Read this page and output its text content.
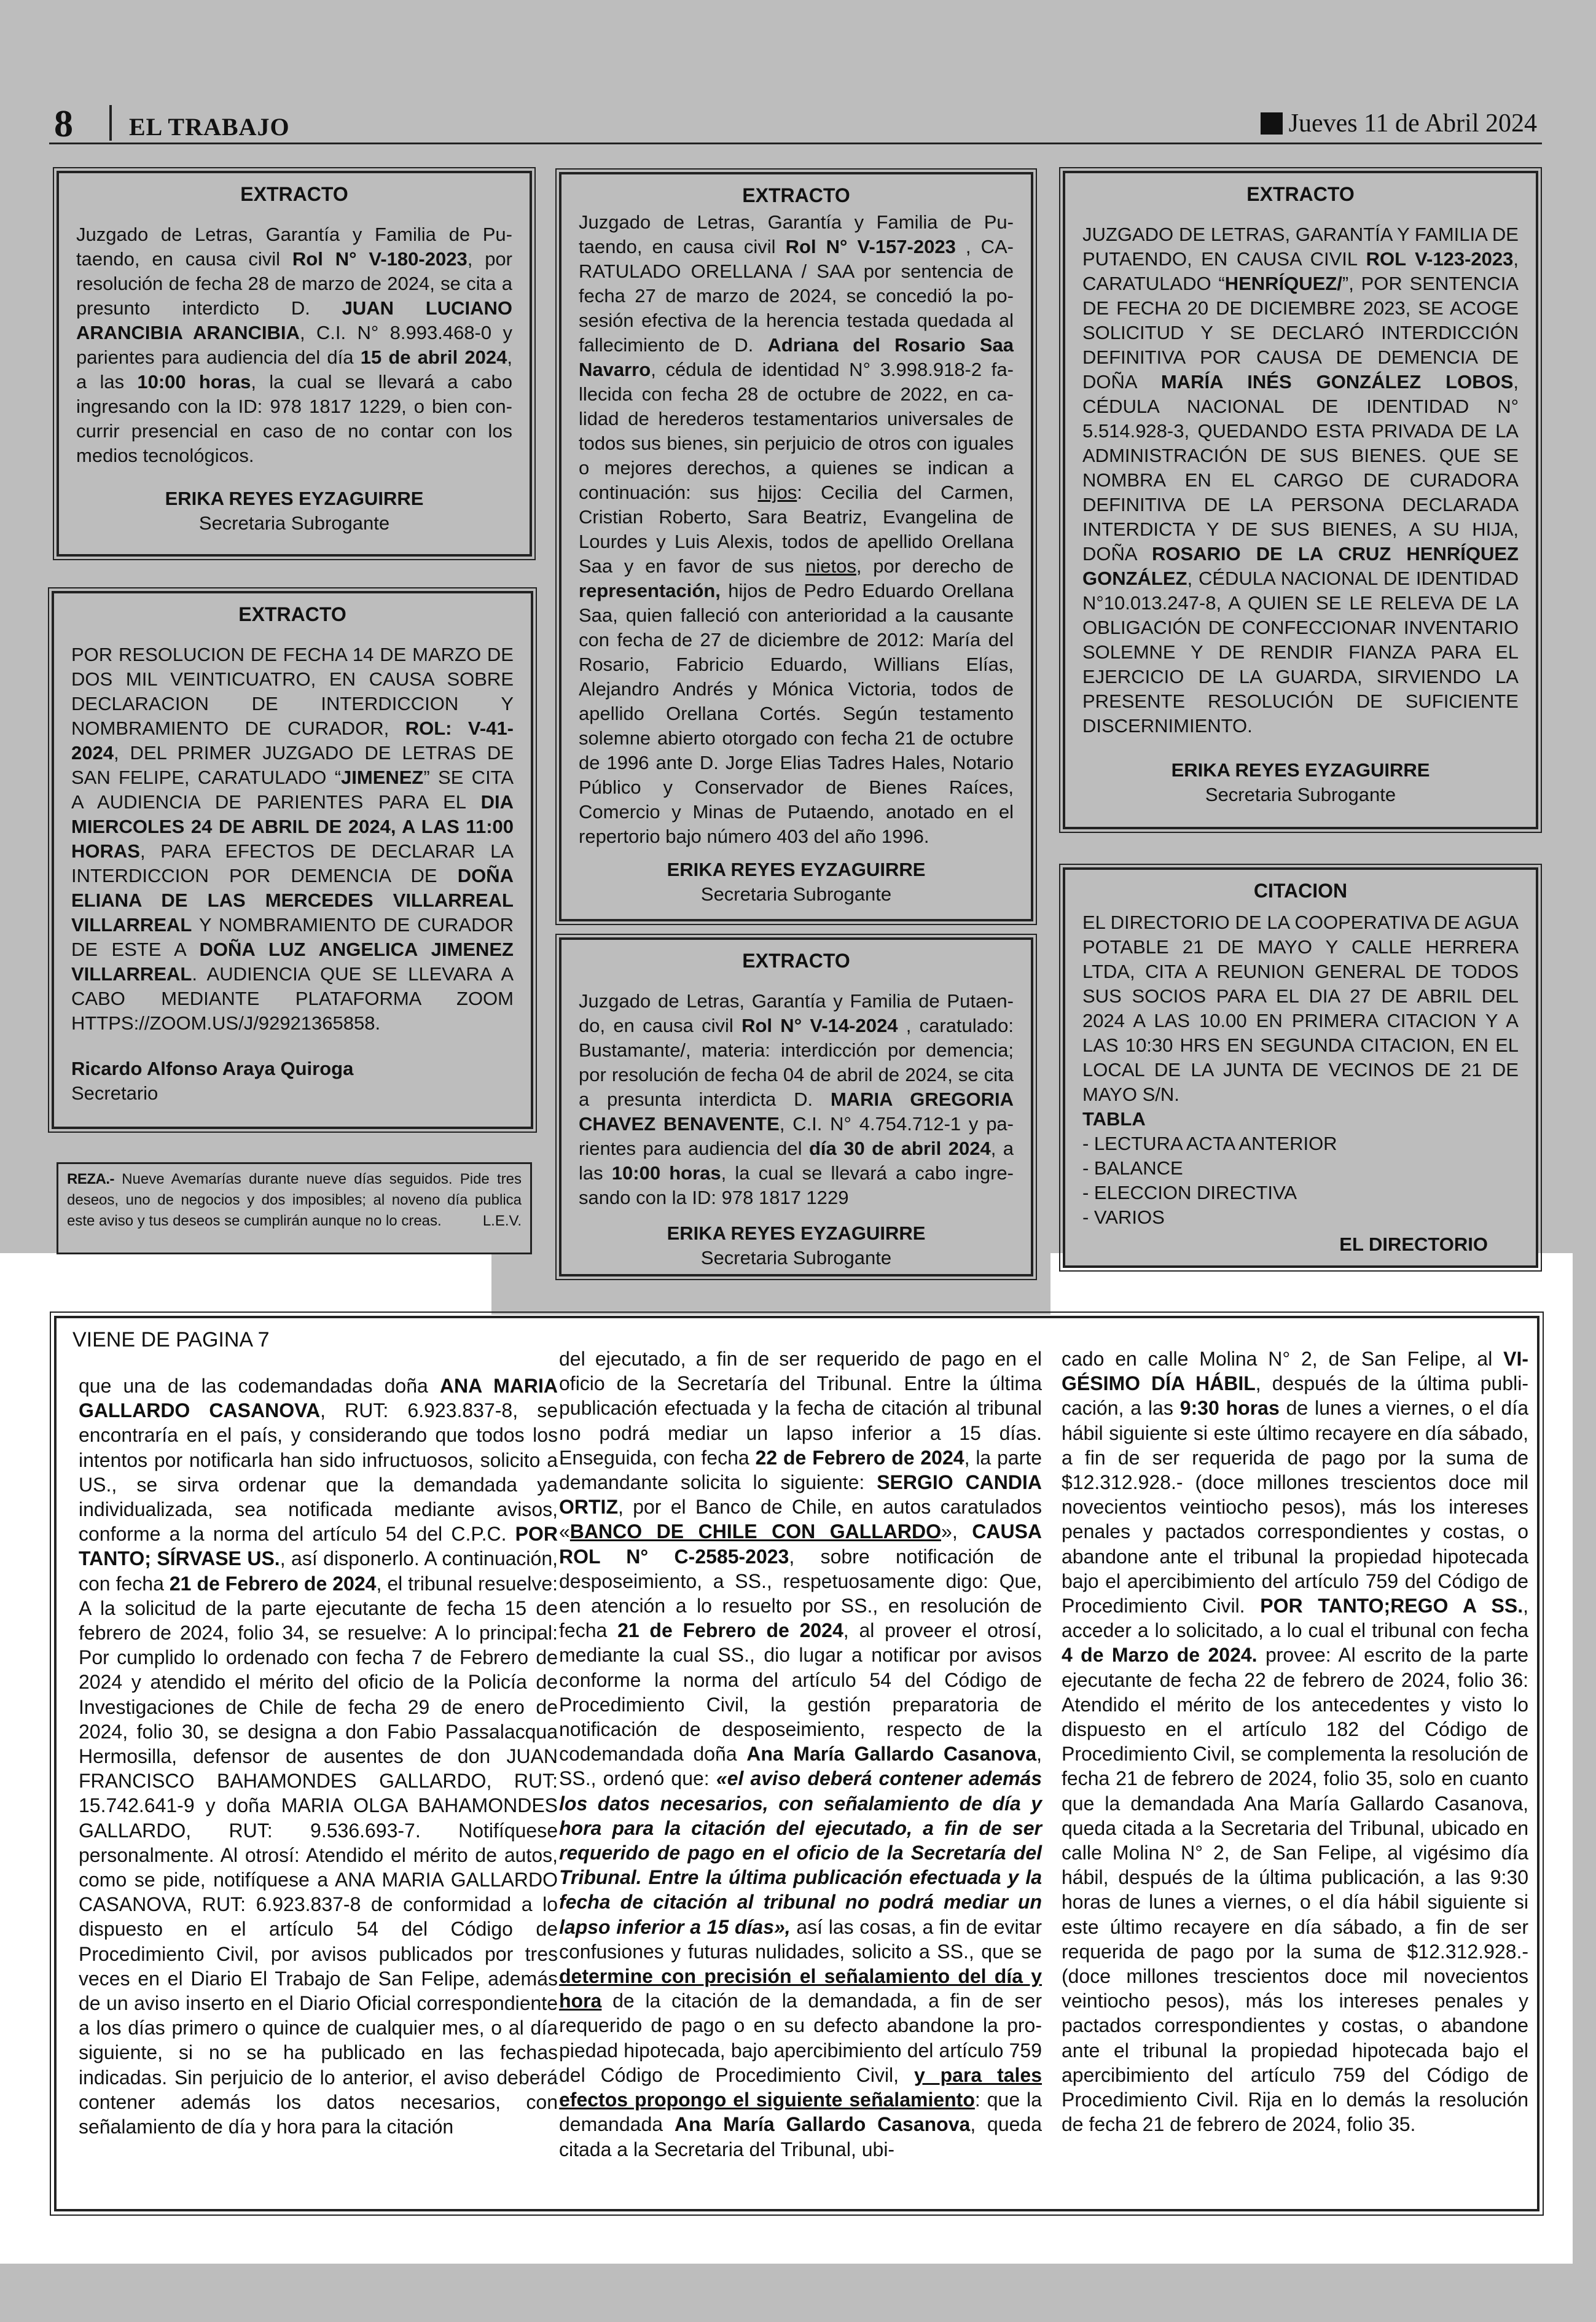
8 EL TRABAJO	Jueves 11 de Abril 2024
EXTRACTO

Juzgado de Letras, Garantía y Familia de Putaendo, en causa civil Rol N° V-180-2023, por resolución de fecha 28 de marzo de 2024, se cita a presunto interdicto D. JUAN LUCIANO ARANCIBIA ARANCIBIA, C.I. N° 8.993.468-0 y parientes para audiencia del día 15 de abril 2024, a las 10:00 horas, la cual se llevará a cabo ingresando con la ID: 978 1817 1229, o bien concurrir presencial en caso de no contar con los medios tecnológicos.

ERIKA REYES EYZAGUIRRE
Secretaria Subrogante
EXTRACTO

POR RESOLUCION DE FECHA 14 DE MARZO DE DOS MIL VEINTICUATRO, EN CAUSA SOBRE DECLARACION DE INTERDICCION Y NOMBRAMIENTO DE CURADOR, ROL: V-41-2024, DEL PRIMER JUZGADO DE LETRAS DE SAN FELIPE, CARATULADO “JIMENEZ” SE CITA A AUDIENCIA DE PARIENTES PARA EL DIA MIERCOLES 24 DE ABRIL DE 2024, A LAS 11:00 HORAS, PARA EFECTOS DE DECLARAR LA INTERDICCION POR DEMENCIA DE DOÑA ELIANA DE LAS MERCEDES VILLARREAL VILLARREAL Y NOMBRAMIENTO DE CURADOR DE ESTE A DOÑA LUZ ANGELICA JIMENEZ VILLARREAL. AUDIENCIA QUE SE LLEVARA A CABO MEDIANTE PLATAFORMA ZOOM HTTPS://ZOOM.US/J/92921365858.

Ricardo Alfonso Araya Quiroga
Secretario
REZA.- Nueve Avemarías durante nueve días seguidos. Pide tres deseos, uno de negocios y dos imposibles; al noveno día publica este aviso y tus deseos se cumplirán aunque no lo creas.	L.E.V.
EXTRACTO

Juzgado de Letras, Garantía y Familia de Putaendo, en causa civil Rol N° V-157-2023 , CARATULADO ORELLANA / SAA por sentencia de fecha 27 de marzo de 2024, se concedió la posesión efectiva de la herencia testada quedada al fallecimiento de D. Adriana del Rosario Saa Navarro, cédula de identidad N° 3.998.918-2 fallecida con fecha 28 de octubre de 2022, en calidad de herederos testamentarios universales de todos sus bienes, sin perjuicio de otros con iguales o mejores derechos, a quienes se indican a continuación: sus hijos: Cecilia del Carmen, Cristian Roberto, Sara Beatriz, Evangelina de Lourdes y Luis Alexis, todos de apellido Orellana Saa y en favor de sus nietos, por derecho de representación, hijos de Pedro Eduardo Orellana Saa, quien falleció con anterioridad a la causante con fecha de 27 de diciembre de 2012: María del Rosario, Fabricio Eduardo, Willians Elías, Alejandro Andrés y Mónica Victoria, todos de apellido Orellana Cortés. Según testamento solemne abierto otorgado con fecha 21 de octubre de 1996 ante D. Jorge Elias Tadres Hales, Notario Público y Conservador de Bienes Raíces, Comercio y Minas de Putaendo, anotado en el repertorio bajo número 403 del año 1996.

ERIKA REYES EYZAGUIRRE
Secretaria Subrogante
EXTRACTO

Juzgado de Letras, Garantía y Familia de Putaendo, en causa civil Rol N° V-14-2024 , caratulado: Bustamante/, materia: interdicción por demencia; por resolución de fecha 04 de abril de 2024, se cita a presunta interdicta D. MARIA GREGORIA CHAVEZ BENAVENTE, C.I. N° 4.754.712-1 y parientes para audiencia del día 30 de abril 2024, a las 10:00 horas, la cual se llevará a cabo ingresando con la ID: 978 1817 1229

ERIKA REYES EYZAGUIRRE
Secretaria Subrogante
EXTRACTO

JUZGADO DE LETRAS, GARANTÍA Y FAMILIA DE PUTAENDO, EN CAUSA CIVIL ROL V-123-2023, CARATULADO “HENRÍQUEZ/”, POR SENTENCIA DE FECHA 20 DE DICIEMBRE 2023, SE ACOGE SOLICITUD Y SE DECLARÓ INTERDICCIÓN DEFINITIVA POR CAUSA DE DEMENCIA DE DOÑA MARÍA INÉS GONZÁLEZ LOBOS, CÉDULA NACIONAL DE IDENTIDAD N° 5.514.928-3, QUEDANDO ESTA PRIVADA DE LA ADMINISTRACIÓN DE SUS BIENES. QUE SE NOMBRA EN EL CARGO DE CURADORA DEFINITIVA DE LA PERSONA DECLARADA INTERDICTA Y DE SUS BIENES, A SU HIJA, DOÑA ROSARIO DE LA CRUZ HENRÍQUEZ GONZÁLEZ, CÉDULA NACIONAL DE IDENTIDAD N°10.013.247-8, A QUIEN SE LE RELEVA DE LA OBLIGACIÓN DE CONFECCIONAR INVENTARIO SOLEMNE Y DE RENDIR FIANZA PARA EL EJERCICIO DE LA GUARDA, SIRVIENDO LA PRESENTE RESOLUCIÓN DE SUFICIENTE DISCERNIMIENTO.

ERIKA REYES EYZAGUIRRE
Secretaria Subrogante
CITACION

EL DIRECTORIO DE LA COOPERATIVA DE AGUA POTABLE 21 DE MAYO Y CALLE HERRERA LTDA, CITA A REUNION GENERAL DE TODOS SUS SOCIOS PARA EL DIA 27 DE ABRIL DEL 2024 A LAS 10.00 EN PRIMERA CITACION Y A LAS 10:30 HRS EN SEGUNDA CITACION, EN EL LOCAL DE LA JUNTA DE VECINOS DE 21 DE MAYO S/N.

TABLA
- LECTURA ACTA ANTERIOR
- BALANCE
- ELECCION DIRECTIVA
- VARIOS
EL DIRECTORIO
VIENE DE PAGINA 7
que una de las codemandadas doña ANA MARIA GALLARDO CASANOVA, RUT: 6.923.837-8, se encontraría en el país, y considerando que todos los intentos por notificarla han sido infructuosos, solicito a US., se sirva ordenar que la demandada ya individualizada, sea notificada mediante avisos, conforme a la norma del artículo 54 del C.P.C. POR TANTO; SÍRVASE US., así disponerlo. A continuación, con fecha 21 de Febrero de 2024, el tribunal resuelve: A la solicitud de la parte ejecutante de fecha 15 de febrero de 2024, folio 34, se resuelve: A lo principal: Por cumplido lo ordenado con fecha 7 de Febrero de 2024 y atendido el mérito del oficio de la Policía de Investigaciones de Chile de fecha 29 de enero de 2024, folio 30, se designa a don Fabio Passalacqua Hermosilla, defensor de ausentes de don JUAN FRANCISCO BAHAMONDES GALLARDO, RUT: 15.742.641-9 y doña MARIA OLGA BAHAMONDES GALLARDO, RUT: 9.536.693-7. Notifíquese personalmente. Al otrosí: Atendido el mérito de autos, como se pide, notifíquese a ANA MARIA GALLARDO CASANOVA, RUT: 6.923.837-8 de conformidad a lo dispuesto en el artículo 54 del Código de Procedimiento Civil, por avisos publicados por tres veces en el Diario El Trabajo de San Felipe, además de un aviso inserto en el Diario Oficial correspondiente a los días primero o quince de cualquier mes, o al día siguiente, si no se ha publicado en las fechas indicadas. Sin perjuicio de lo anterior, el aviso deberá contener además los datos necesarios, con señalamiento de día y hora para la citación
del ejecutado, a fin de ser requerido de pago en el oficio de la Secretaría del Tribunal. Entre la última publicación efectuada y la fecha de citación al tribunal no podrá mediar un lapso inferior a 15 días. Enseguida, con fecha 22 de Febrero de 2024, la parte demandante solicita lo siguiente: SERGIO CANDIA ORTIZ, por el Banco de Chile, en autos caratulados «BANCO DE CHILE CON GALLARDO», CAUSA ROL N° C-2585-2023, sobre notificación de desposeimiento, a SS., respetuosamente digo: Que, en atención a lo resuelto por SS., en resolución de fecha 21 de Febrero de 2024, al proveer el otrosí, mediante la cual SS., dio lugar a notificar por avisos conforme la norma del artículo 54 del Código de Procedimiento Civil, la gestión preparatoria de notificación de desposeimiento, respecto de la codemandada doña Ana María Gallardo Casanova, SS., ordenó que: «el aviso deberá contener además los datos necesarios, con señalamiento de día y hora para la citación del ejecutado, a fin de ser requerido de pago en el oficio de la Secretaría del Tribunal. Entre la última publicación efectuada y la fecha de citación al tribunal no podrá mediar un lapso inferior a 15 días», así las cosas, a fin de evitar confusiones y futuras nulidades, solicito a SS., que se determine con precisión el señalamiento del día y hora de la citación de la demandada, a fin de ser requerido de pago o en su defecto abandone la propiedad hipotecada, bajo apercibimiento del artículo 759 del Código de Procedimiento Civil, y para tales efectos propongo el siguiente señalamiento: que la demandada Ana María Gallardo Casanova, queda citada a la Secretaria del Tribunal, ubi-
cado en calle Molina N° 2, de San Felipe, al VIGÉSIMO DÍA HÁBIL, después de la última publicación, a las 9:30 horas de lunes a viernes, o el día hábil siguiente si este último recayere en día sábado, a fin de ser requerida de pago por la suma de $12.312.928.- (doce millones trescientos doce mil novecientos veintiocho pesos), más los intereses penales y pactados correspondientes y costas, o abandone ante el tribunal la propiedad hipotecada bajo el apercibimiento del artículo 759 del Código de Procedimiento Civil. POR TANTO;REGO A SS., acceder a lo solicitado, a lo cual el tribunal con fecha 4 de Marzo de 2024. provee: Al escrito de la parte ejecutante de fecha 22 de febrero de 2024, folio 36: Atendido el mérito de los antecedentes y visto lo dispuesto en el artículo 182 del Código de Procedimiento Civil, se complementa la resolución de fecha 21 de febrero de 2024, folio 35, solo en cuanto que la demandada Ana María Gallardo Casanova, queda citada a la Secretaria del Tribunal, ubicado en calle Molina N° 2, de San Felipe, al vigésimo día hábil, después de la última publicación, a las 9:30 horas de lunes a viernes, o el día hábil siguiente si este último recayere en día sábado, a fin de ser requerida de pago por la suma de $12.312.928.- (doce millones trescientos doce mil novecientos veintiocho pesos), más los intereses penales y pactados correspondientes y costas, o abandone ante el tribunal la propiedad hipotecada bajo el apercibimiento del artículo 759 del Código de Procedimiento Civil. Rija en lo demás la resolución de fecha 21 de febrero de 2024, folio 35.
